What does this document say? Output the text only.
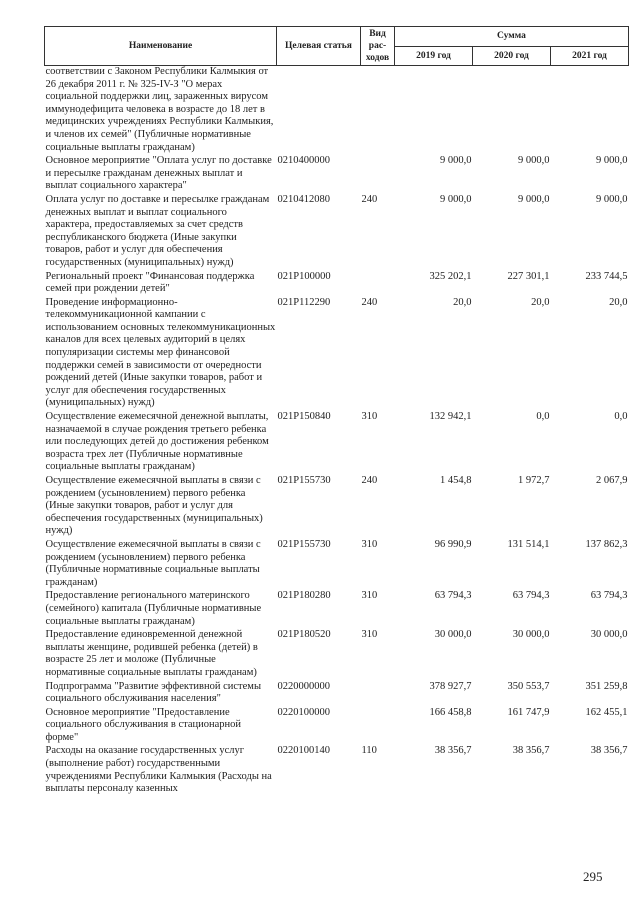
Наименование	Целевая статья	Вид рас- ходов	Сумма		
			2019 год	2020 год	2021 год
соответствии с Законом Республики Калмыкия от 26 декабря 2011 г. № 325-IV-З "О мерах социальной поддержки лиц, зараженных вирусом иммунодефицита человека в возрасте до 18 лет в медицинских учреждениях Республики Калмыкия, и членов их семей" (Публичные нормативные социальные выплаты гражданам)					
Основное мероприятие "Оплата услуг по доставке и пересылке гражданам денежных выплат и выплат социального характера"	0210400000		9 000,0	9 000,0	9 000,0
Оплата услуг по доставке и пересылке гражданам денежных выплат и выплат социального характера, предоставляемых за счет средств республиканского бюджета (Иные закупки товаров, работ и услуг для обеспечения государственных (муниципальных) нужд)	0210412080	240	9 000,0	9 000,0	9 000,0
Региональный проект "Финансовая поддержка семей при рождении детей"	021P100000		325 202,1	227 301,1	233 744,5
Проведение информационно-телекоммуникационной кампании с использованием основных телекоммуникационных каналов для всех целевых аудиторий в целях популяризации системы мер финансовой поддержки семей в зависимости от очередности рождений детей (Иные закупки товаров, работ и услуг для обеспечения государственных (муниципальных) нужд)	021P112290	240	20,0	20,0	20,0
Осуществление ежемесячной денежной выплаты, назначаемой в случае рождения третьего ребенка или последующих детей до достижения ребенком возраста трех лет (Публичные нормативные социальные выплаты гражданам)	021P150840	310	132 942,1	0,0	0,0
Осуществление ежемесячной выплаты в связи с рождением (усыновлением) первого ребенка (Иные закупки товаров, работ и услуг для обеспечения государственных (муниципальных) нужд)	021P155730	240	1 454,8	1 972,7	2 067,9
Осуществление ежемесячной выплаты в связи с рождением (усыновлением) первого ребенка (Публичные нормативные социальные выплаты гражданам)	021P155730	310	96 990,9	131 514,1	137 862,3
Предоставление регионального материнского (семейного) капитала (Публичные нормативные социальные выплаты гражданам)	021P180280	310	63 794,3	63 794,3	63 794,3
Предоставление единовременной денежной выплаты женщине, родившей ребенка (детей) в возрасте 25 лет и моложе (Публичные нормативные социальные выплаты гражданам)	021P180520	310	30 000,0	30 000,0	30 000,0
Подпрограмма "Развитие эффективной системы социального обслуживания населения"	0220000000		378 927,7	350 553,7	351 259,8
Основное мероприятие "Предоставление социального обслуживания в стационарной форме"	0220100000		166 458,8	161 747,9	162 455,1
Расходы на оказание государственных услуг (выполнение работ) государственными учреждениями Республики Калмыкия (Расходы на выплаты персоналу казенных	0220100140	110	38 356,7	38 356,7	38 356,7
295
